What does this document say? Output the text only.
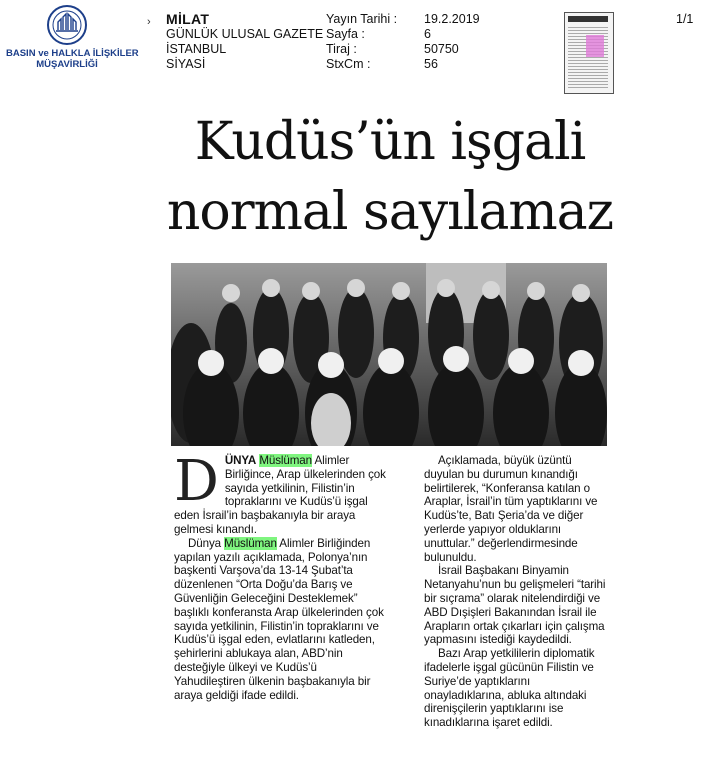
BASIN ve HALKLA İLİŞKİLER
MÜŞAVİRLİĞİ
› MİLAT
GÜNLÜK ULUSAL GAZETE
İSTANBUL
SİYASİ
Yayın Tarihi :
Sayfa :
Tiraj :
StxCm :
19.2.2019
6
50750
56
1/1
Kudüs’ün işgali
normal sayılamaz

D ÜNYA Müslüman Alimler Birliğince, Arap ülkelerinden çok sayıda yetkilinin, Filistin’in topraklarını ve Kudüs’ü işgal eden İsrail’in başbakanıyla bir araya gelmesi kınandı.

Dünya Müslüman Alimler Birliğinden yapılan yazılı açıklamada, Polonya’nın başkenti Varşova’da 13-14 Şubat’ta düzenlenen “Orta Doğu’da Barış ve Güvenliğin Geleceğini Desteklemek” başlıklı konferansta Arap ülkelerinden çok sayıda yetkilinin, Filistin’in topraklarını ve Kudüs’ü işgal eden, evlatlarını katleden, şehirlerini ablukaya alan, ABD’nin desteğiyle ülkeyi ve Kudüs’ü Yahudileştiren ülkenin başbakanıyla bir araya geldiği ifade edildi.

Açıklamada, büyük üzüntü duyulan bu durumun kınandığı belirtilerek, “Konferansa katılan o Araplar, İsrail’in tüm yaptıklarını ve Kudüs’te, Batı Şeria’da ve diğer yerlerde yapıyor olduklarını unuttular.” değerlendirmesinde bulunuldu.

İsrail Başbakanı Binyamin Netanyahu’nun bu gelişmeleri “tarihi bir sıçrama” olarak nitelendirdiği ve ABD Dışişleri Bakanından İsrail ile Arapların ortak çıkarları için çalışma yapmasını istediği kaydedildi.

Bazı Arap yetkililerin diplomatik ifadelerle işgal gücünün Filistin ve Suriye’de yaptıklarını onayladıklarına, abluka altındaki direnişçilerin yaptıklarını ise kınadıklarına işaret edildi.
